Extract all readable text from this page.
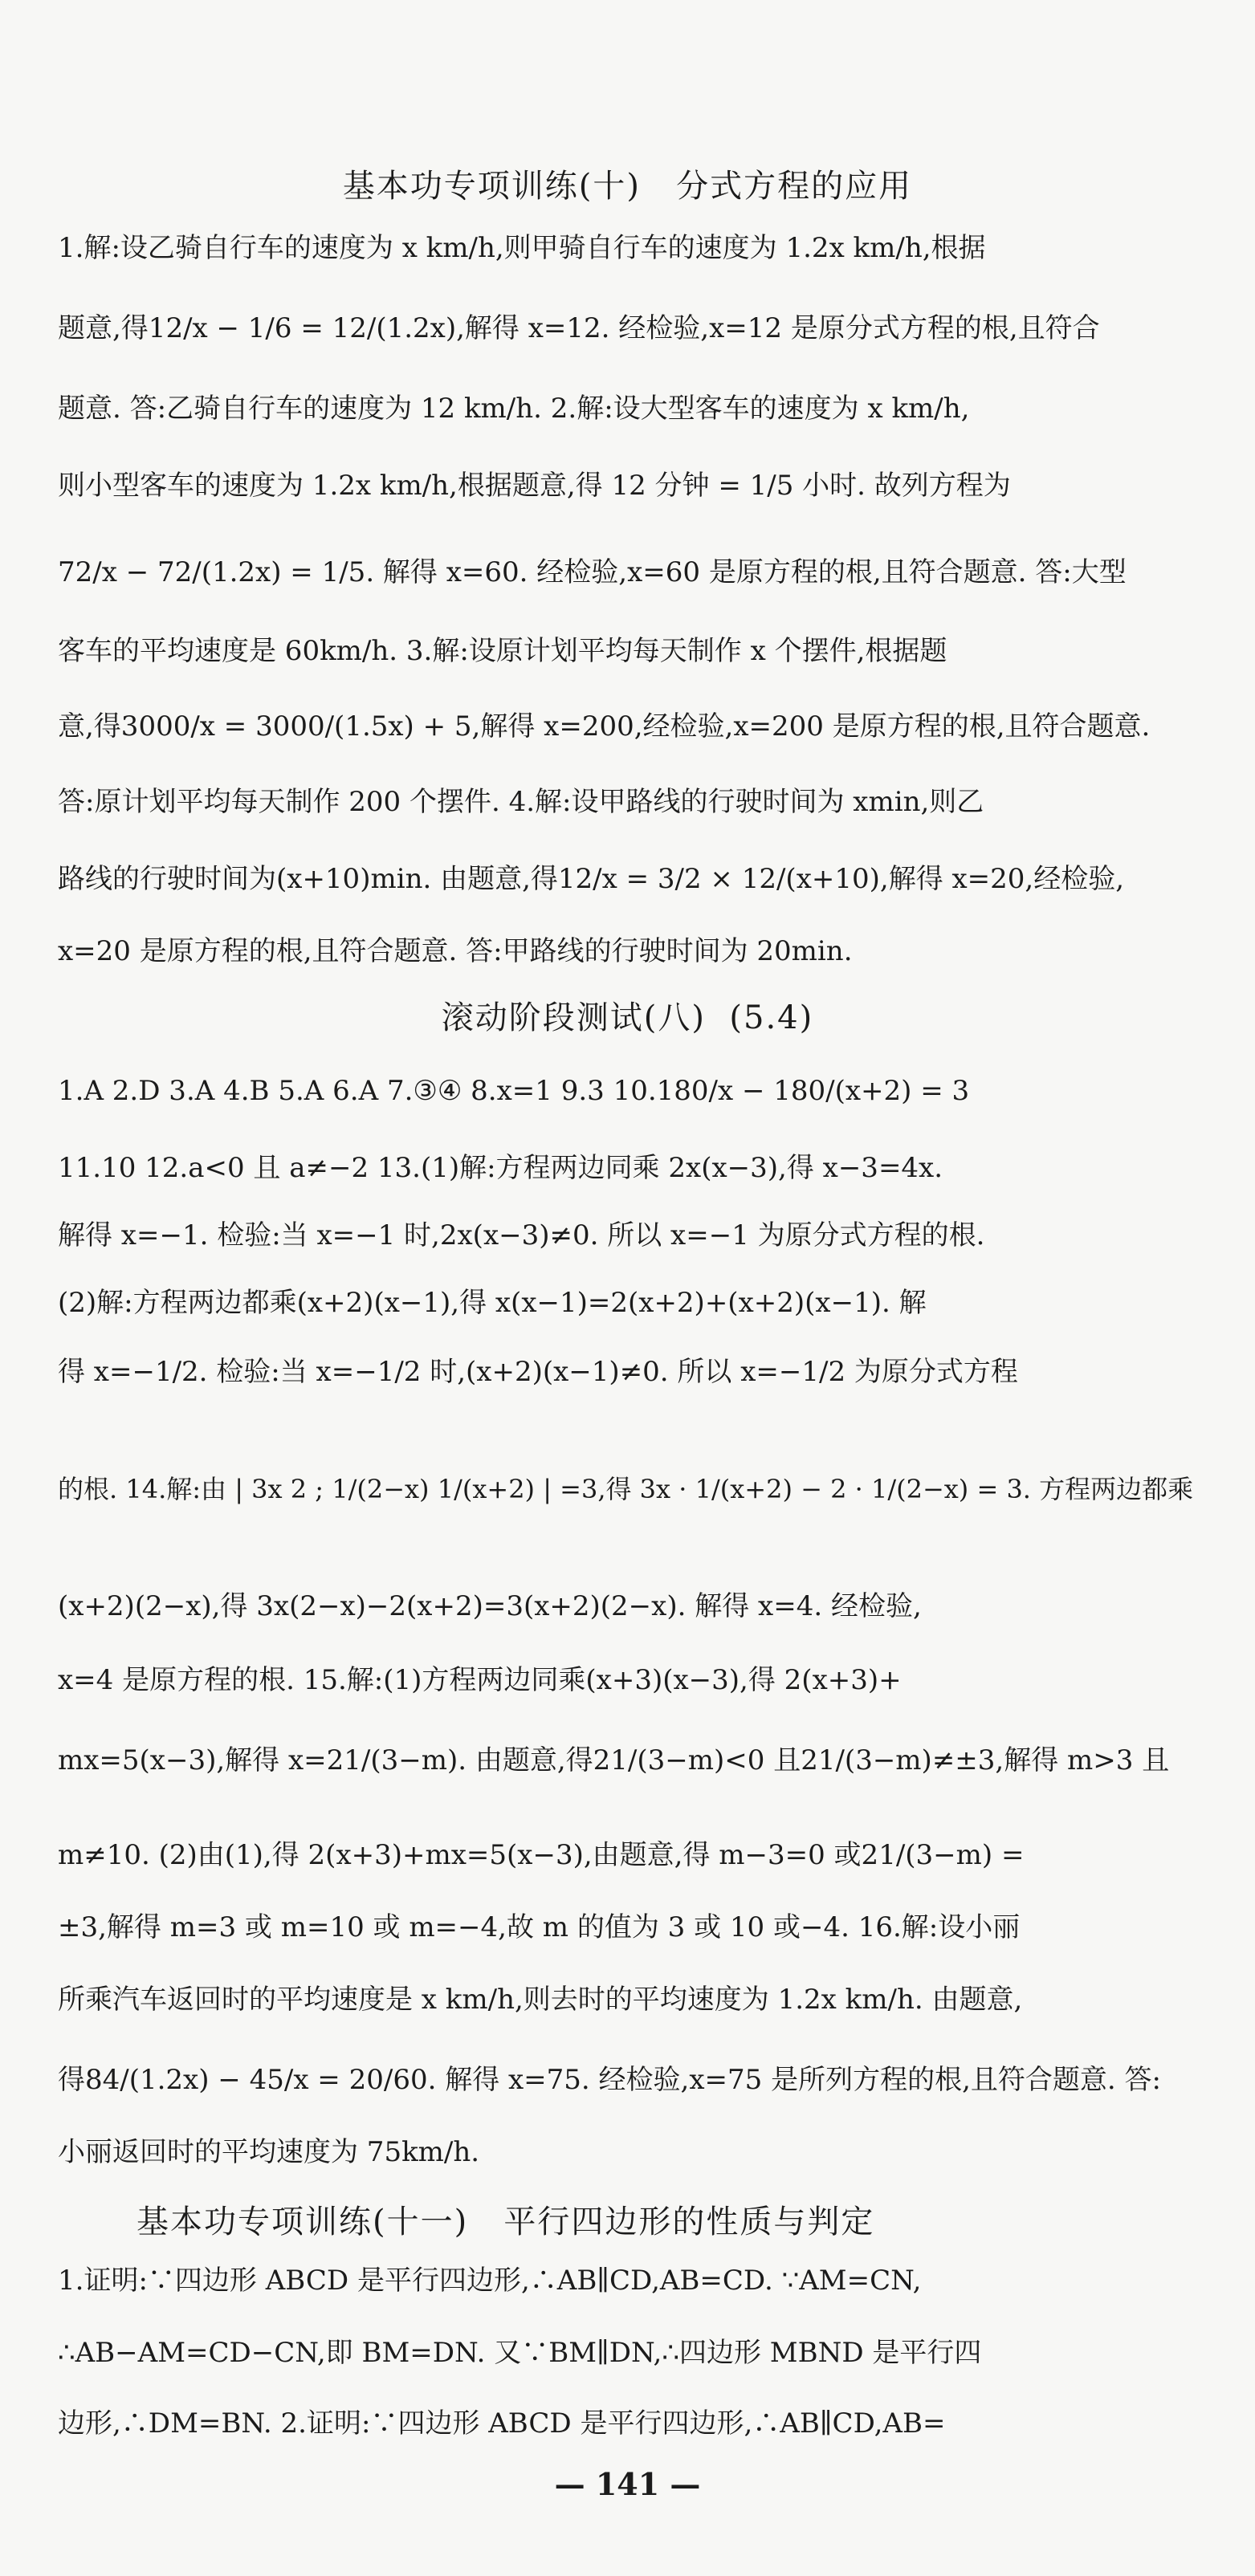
基本功专项训练(十)   分式方程的应用
1.解:设乙骑自行车的速度为 x km/h,则甲骑自行车的速度为 1.2x km/h,根据
题意,得12/x − 1/6 = 12/(1.2x),解得 x=12. 经检验,x=12 是原分式方程的根,且符合
题意. 答:乙骑自行车的速度为 12 km/h. 2.解:设大型客车的速度为 x km/h,
则小型客车的速度为 1.2x km/h,根据题意,得 12 分钟 = 1/5 小时. 故列方程为
72/x − 72/(1.2x) = 1/5. 解得 x=60. 经检验,x=60 是原方程的根,且符合题意. 答:大型
客车的平均速度是 60km/h. 3.解:设原计划平均每天制作 x 个摆件,根据题
意,得3000/x = 3000/(1.5x) + 5,解得 x=200,经检验,x=200 是原方程的根,且符合题意.
答:原计划平均每天制作 200 个摆件. 4.解:设甲路线的行驶时间为 xmin,则乙
路线的行驶时间为(x+10)min. 由题意,得12/x = 3/2 × 12/(x+10),解得 x=20,经检验,
x=20 是原方程的根,且符合题意. 答:甲路线的行驶时间为 20min.
滚动阶段测试(八)  (5.4)
1.A 2.D 3.A 4.B 5.A 6.A 7.③④ 8.x=1 9.3 10.180/x − 180/(x+2) = 3
11.10 12.a<0 且 a≠−2 13.(1)解:方程两边同乘 2x(x−3),得 x−3=4x.
解得 x=−1. 检验:当 x=−1 时,2x(x−3)≠0. 所以 x=−1 为原分式方程的根.
(2)解:方程两边都乘(x+2)(x−1),得 x(x−1)=2(x+2)+(x+2)(x−1). 解
得 x=−1/2. 检验:当 x=−1/2 时,(x+2)(x−1)≠0. 所以 x=−1/2 为原分式方程
的根. 14.解:由 | 3x 2 ; 1/(2−x) 1/(x+2) | =3,得 3x · 1/(x+2) − 2 · 1/(2−x) = 3. 方程两边都乘
(x+2)(2−x),得 3x(2−x)−2(x+2)=3(x+2)(2−x). 解得 x=4. 经检验,
x=4 是原方程的根. 15.解:(1)方程两边同乘(x+3)(x−3),得 2(x+3)+
mx=5(x−3),解得 x=21/(3−m). 由题意,得21/(3−m)<0 且21/(3−m)≠±3,解得 m>3 且
m≠10. (2)由(1),得 2(x+3)+mx=5(x−3),由题意,得 m−3=0 或21/(3−m) =
±3,解得 m=3 或 m=10 或 m=−4,故 m 的值为 3 或 10 或−4. 16.解:设小丽
所乘汽车返回时的平均速度是 x km/h,则去时的平均速度为 1.2x km/h. 由题意,
得84/(1.2x) − 45/x = 20/60. 解得 x=75. 经检验,x=75 是所列方程的根,且符合题意. 答:
小丽返回时的平均速度为 75km/h.
基本功专项训练(十一)   平行四边形的性质与判定
1.证明:∵四边形 ABCD 是平行四边形,∴AB∥CD,AB=CD. ∵AM=CN,
∴AB−AM=CD−CN,即 BM=DN. 又∵BM∥DN,∴四边形 MBND 是平行四
边形,∴DM=BN. 2.证明:∵四边形 ABCD 是平行四边形,∴AB∥CD,AB=
— 141 —
